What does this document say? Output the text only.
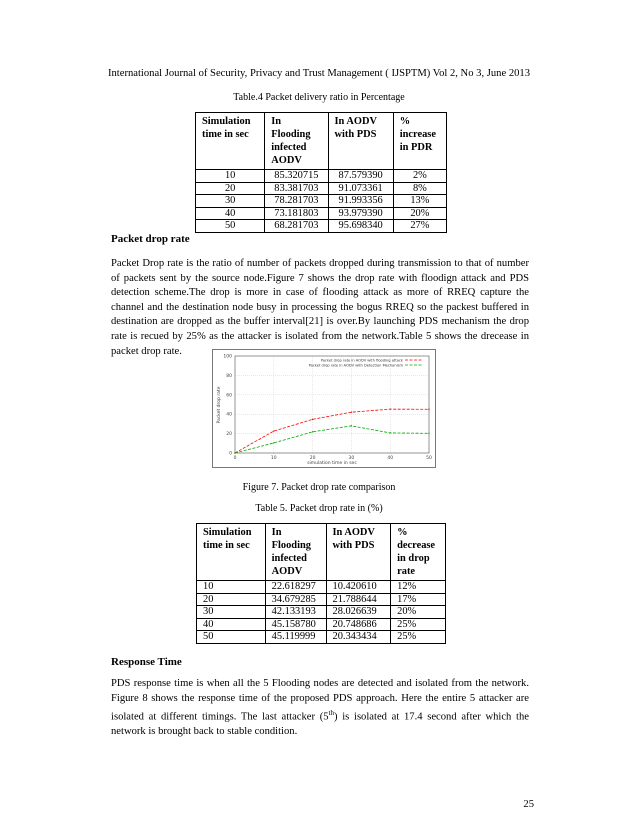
International Journal of Security, Privacy and Trust Management ( IJSPTM) Vol 2, No 3, June 2013
Table.4 Packet delivery ratio in Percentage
Simulation time in sec	In Flooding infected AODV	In AODV with PDS	% increase in PDR
10	85.320715	87.579390	2%
20	83.381703	91.073361	8%
30	78.281703	91.993356	13%
40	73.181803	93.979390	20%
50	68.281703	95.698340	27%
Packet drop rate

Packet Drop rate is the ratio of number of packets dropped during transmission to that of number of packets sent by the source node.Figure 7 shows the drop rate with floodign attack and PDS detection scheme.The drop is more in case of flooding attack as more of RREQ capture the channel and the destination node busy in processing the bogus RREQ so the packest buffered in destination are dropped as the buffer interval[21] is over.By launching PDS mechanism the drop rate is recued by 25% as the attacker is isolated from the network.Table 5 shows the drecease in packet drop rate.

0
20
40
60
80
100
0	10	20	30	40	50
Packet drop rate in AODV with flooding attack
Packet drop rate in AODV with Detection Mechanism
simulation time in sec
Packet drop rate
Figure 7. Packet drop rate comparison
Table 5. Packet drop rate in (%)
Simulation time in sec	In Flooding infected AODV	In AODV with PDS	% decrease in drop rate
10	22.618297	10.420610	12%
20	34.679285	21.788644	17%
30	42.133193	28.026639	20%
40	45.158780	20.748686	25%
50	45.119999	20.343434	25%
Response Time

PDS response time is when all the 5 Flooding nodes are detected and isolated from the network. Figure 8 shows the response time of the proposed PDS approach. Here the entire 5 attacker are isolated at different timings. The last attacker (5th) is isolated at 17.4 second after which the network is brought back to stable condition.

25
